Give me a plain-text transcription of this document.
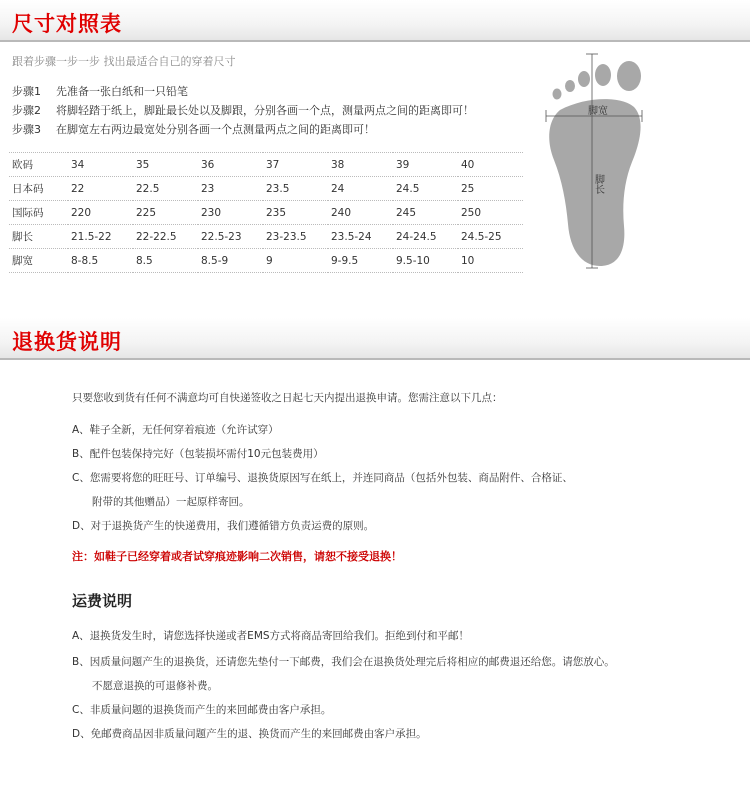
尺寸对照表
跟着步骤一步一步 找出最适合自己的穿着尺寸
步骤1 先准备一张白纸和一只铅笔
步骤2 将脚轻踏于纸上，脚趾最长处以及脚跟，分别各画一个点，测量两点之间的距离即可！
步骤3 在脚宽左右两边最宽处分别各画一个点测量两点之间的距离即可！
欧码	34	35	36	37	38	39	40
日本码	22	22.5	23	23.5	24	24.5	25
国际码	220	225	230	235	240	245	250
脚长	21.5-22	22-22.5	22.5-23	23-23.5	23.5-24	24-24.5	24.5-25
脚宽	8-8.5	8.5	8.5-9	9	9-9.5	9.5-10	10
脚宽
脚长
退换货说明
只要您收到货有任何不满意均可自快递签收之日起七天内提出退换申请。您需注意以下几点：
A、鞋子全新，无任何穿着痕迹（允许试穿）
B、配件包装保持完好（包装损坏需付10元包装费用）
C、您需要将您的旺旺号、订单编号、退换货原因写在纸上，并连同商品（包括外包装、商品附件、合格证、
附带的其他赠品）一起原样寄回。
D、对于退换货产生的快递费用，我们遵循错方负责运费的原则。
注：如鞋子已经穿着或者试穿痕迹影响二次销售，请恕不接受退换！
运费说明
A、退换货发生时，请您选择快递或者EMS方式将商品寄回给我们。拒绝到付和平邮！
B、因质量问题产生的退换货，还请您先垫付一下邮费，我们会在退换货处理完后将相应的邮费退还给您。请您放心。
不愿意退换的可退修补费。
C、非质量问题的退换货而产生的来回邮费由客户承担。
D、免邮费商品因非质量问题产生的退、换货而产生的来回邮费由客户承担。
